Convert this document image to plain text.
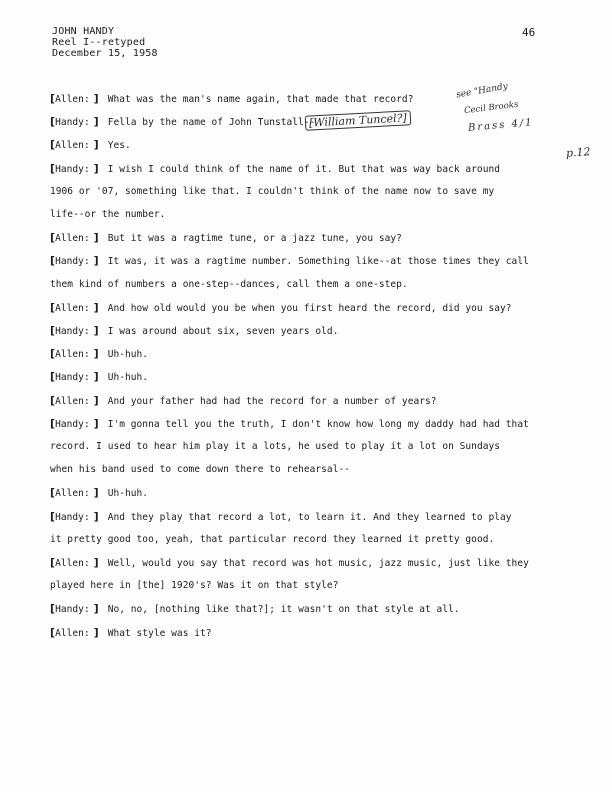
JOHN HANDY
Reel I--retyped
December 15, 1958
46
[Allen: ] What was the man's name again, that made that record?
[Handy: ] Fella by the name of John Tunstall--
[Allen: ] Yes.
[Handy: ] I wish I could think of the name of it. But that was way back around
1906 or '07, something like that. I couldn't think of the name now to save my
life--or the number.
[Allen: ] But it was a ragtime tune, or a jazz tune, you say?
[Handy: ] It was, it was a ragtime number. Something like--at those times they call
them kind of numbers a one-step--dances, call them a one-step.
[Allen: ] And how old would you be when you first heard the record, did you say?
[Handy: ] I was around about six, seven years old.
[Allen: ] Uh-huh.
[Handy: ] Uh-huh.
[Allen: ] And your father had had the record for a number of years?
[Handy: ] I'm gonna tell you the truth, I don't know how long my daddy had had that
record. I used to hear him play it a lots, he used to play it a lot on Sundays
when his band used to come down there to rehearsal--
[Allen: ] Uh-huh.
[Handy: ] And they play that record a lot, to learn it. And they learned to play
it pretty good too, yeah, that particular record they learned it pretty good.
[Allen: ] Well, would you say that record was hot music, jazz music, just like they
played here in [the] 1920's? Was it on that style?
[Handy: ] No, no, [nothing like that?]; it wasn't on that style at all.
[Allen: ] What style was it?
[William Tuncel?]
see "Handy
Cecil Brooks
Brass 4/1
p.12
